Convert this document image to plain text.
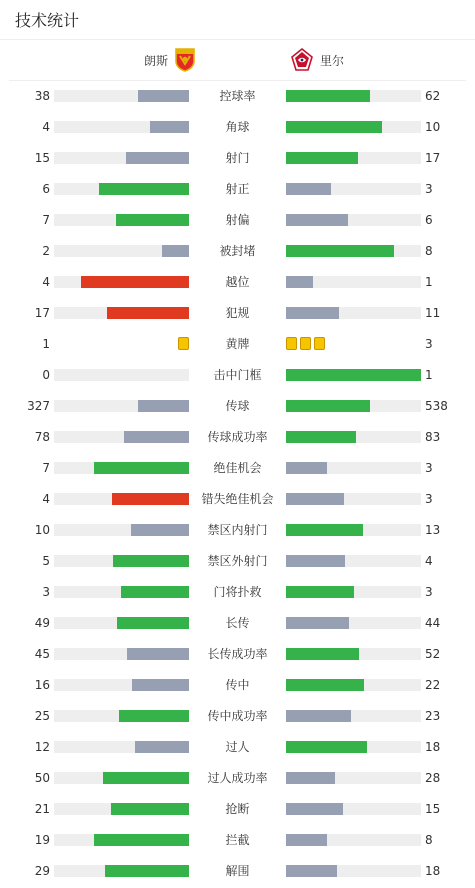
技术统计
朗斯	里尔
38	控球率	62
4	角球	10
15	射门	17
6	射正	3
7	射偏	6
2	被封堵	8
4	越位	1
17	犯规	11
1	黄牌	3
0	击中门框	1
327	传球	538
78	传球成功率	83
7	绝佳机会	3
4	错失绝佳机会	3
10	禁区内射门	13
5	禁区外射门	4
3	门将扑救	3
49	长传	44
45	长传成功率	52
16	传中	22
25	传中成功率	23
12	过人	18
50	过人成功率	28
21	抢断	15
19	拦截	8
29	解围	18
